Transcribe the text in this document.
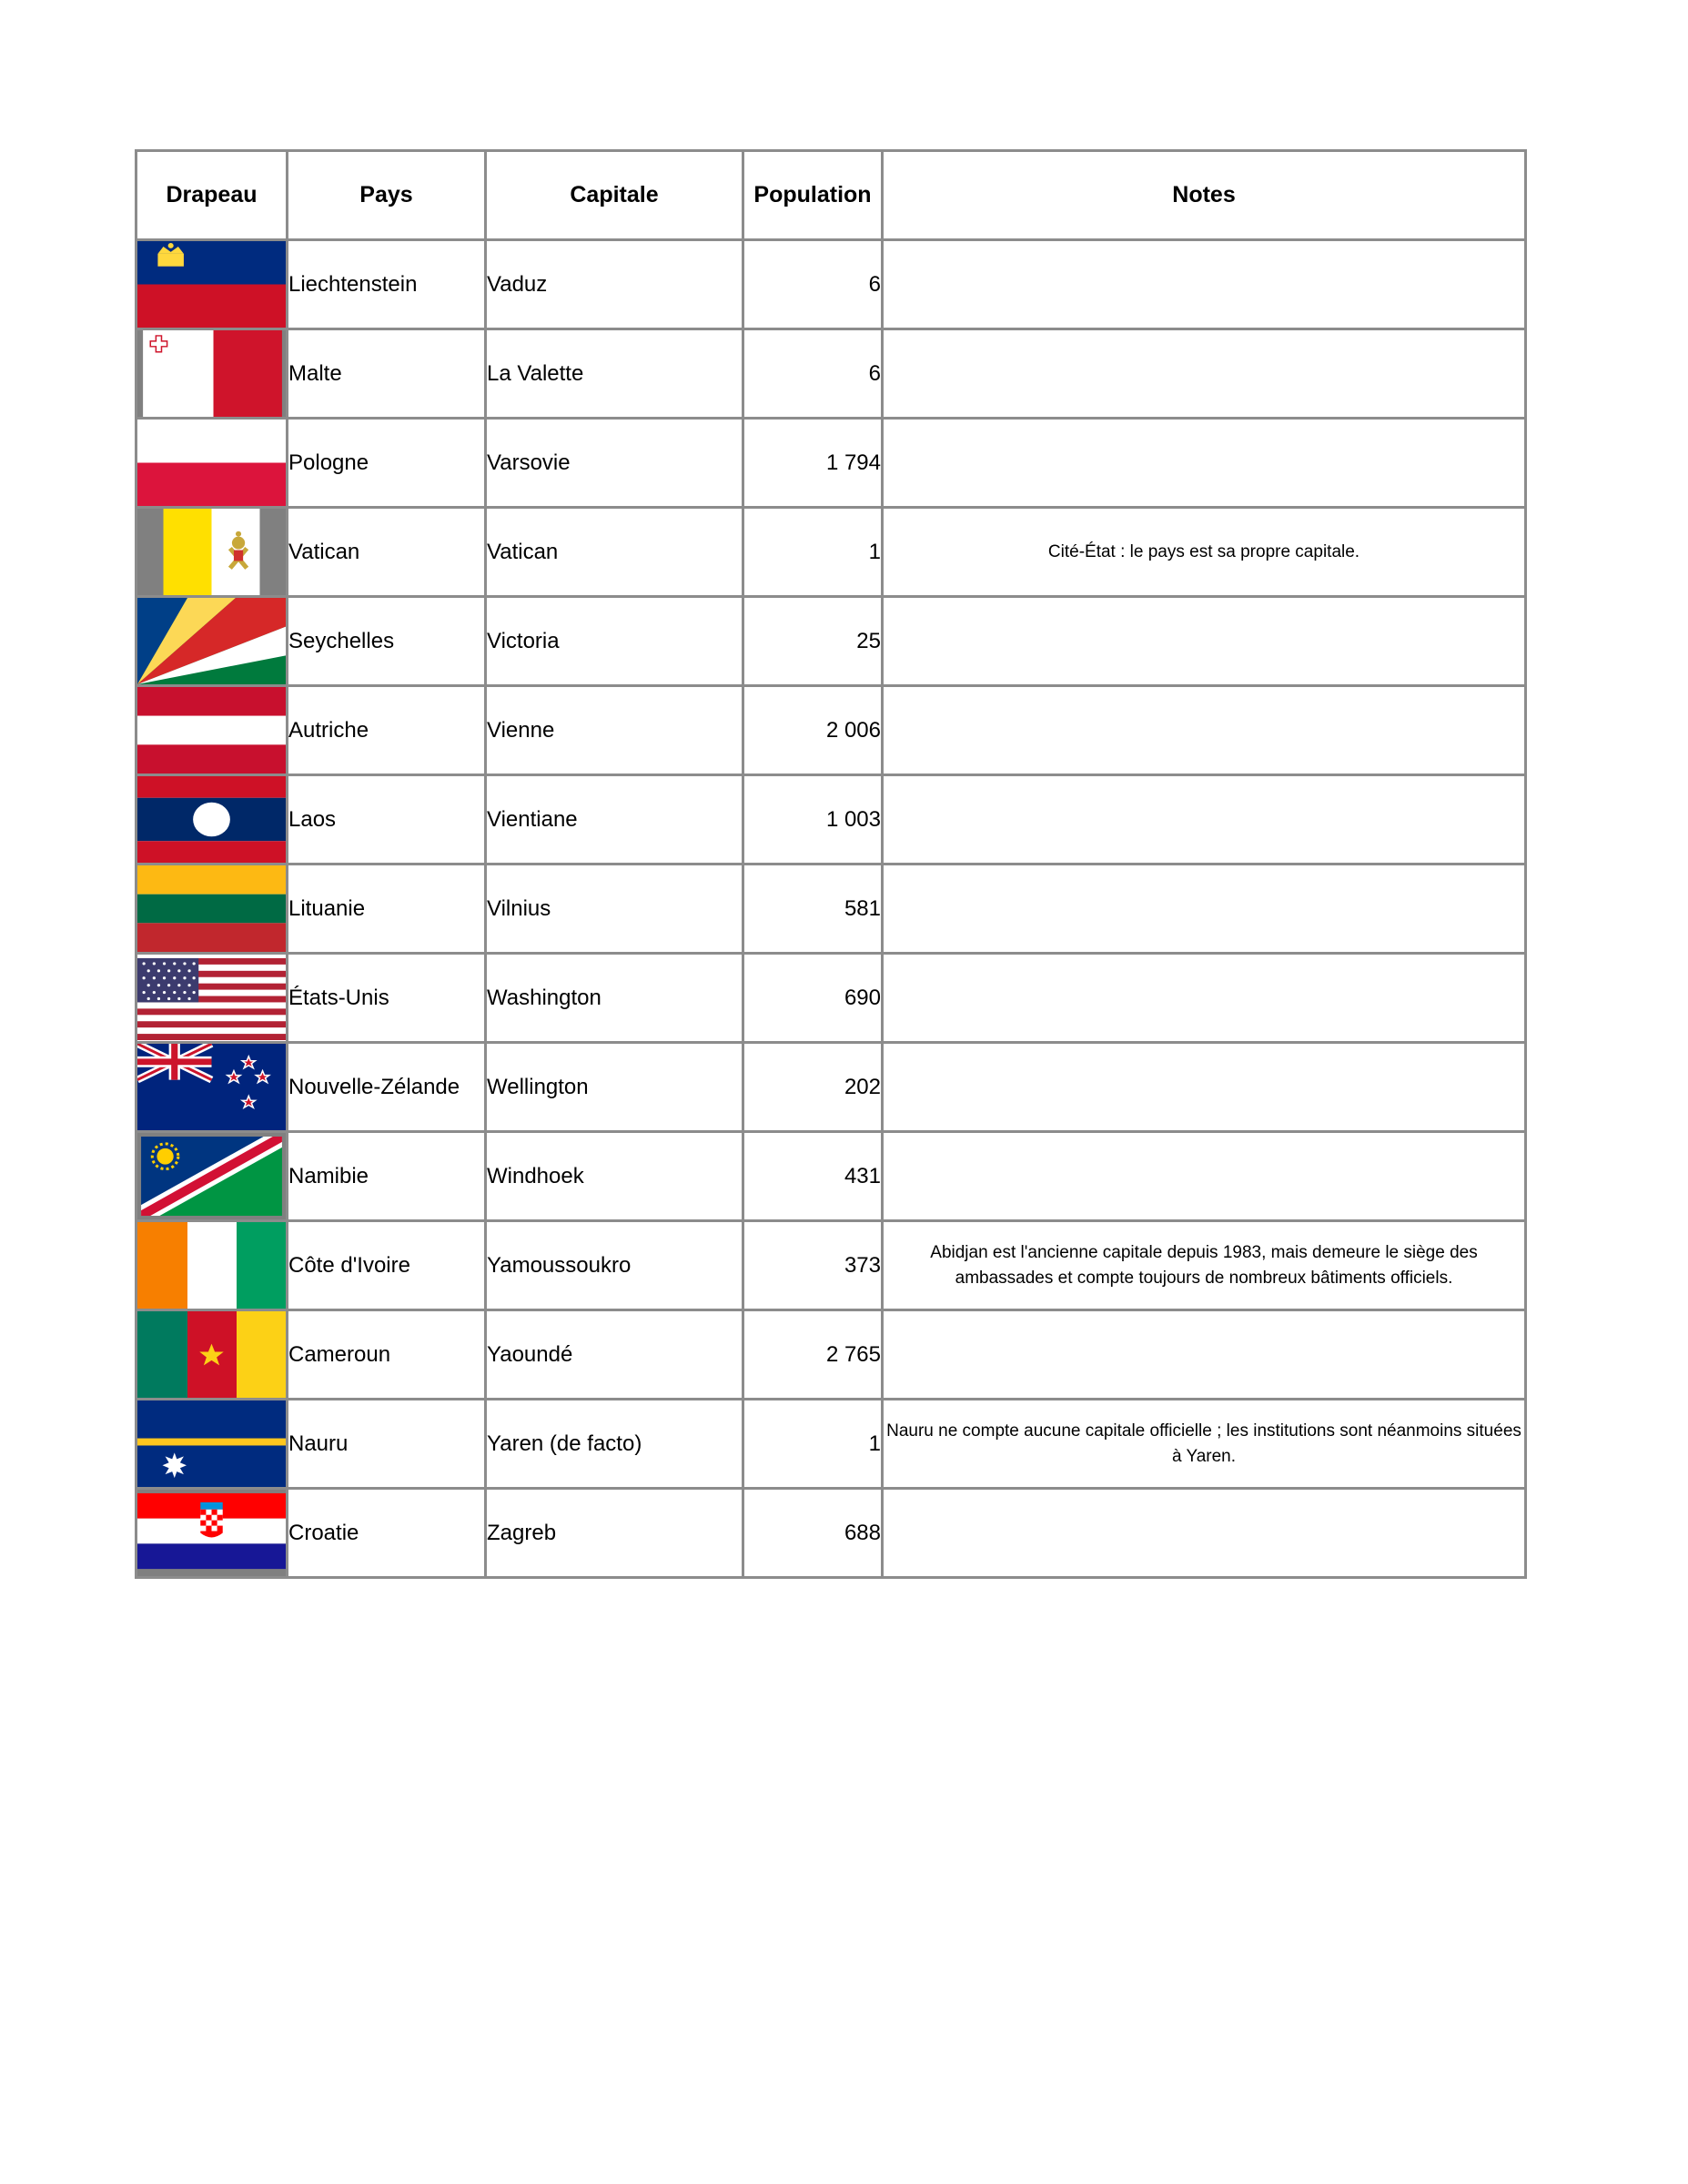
Drapeau	Pays	Capitale	Population	Notes

	Liechtenstein	Vaduz	6	

	Malte	La Valette	6	

	Pologne	Varsovie	1 794	

	Vatican	Vatican	1	Cité-État : le pays est sa propre capitale.

	Seychelles	Victoria	25	

	Autriche	Vienne	2 006	

	Laos	Vientiane	1 003	

	Lituanie	Vilnius	581	

	États-Unis	Washington	690	

	Nouvelle-Zélande	Wellington	202	

	Namibie	Windhoek	431	

	Côte d'Ivoire	Yamoussoukro	373	Abidjan est l'ancienne capitale depuis 1983, mais demeure le siège des ambassades et compte toujours de nombreux bâtiments officiels.

	Cameroun	Yaoundé	2 765	

	Nauru	Yaren (de facto)	1	Nauru ne compte aucune capitale officielle ; les institutions sont néanmoins situées à Yaren.

	Croatie	Zagreb	688	
